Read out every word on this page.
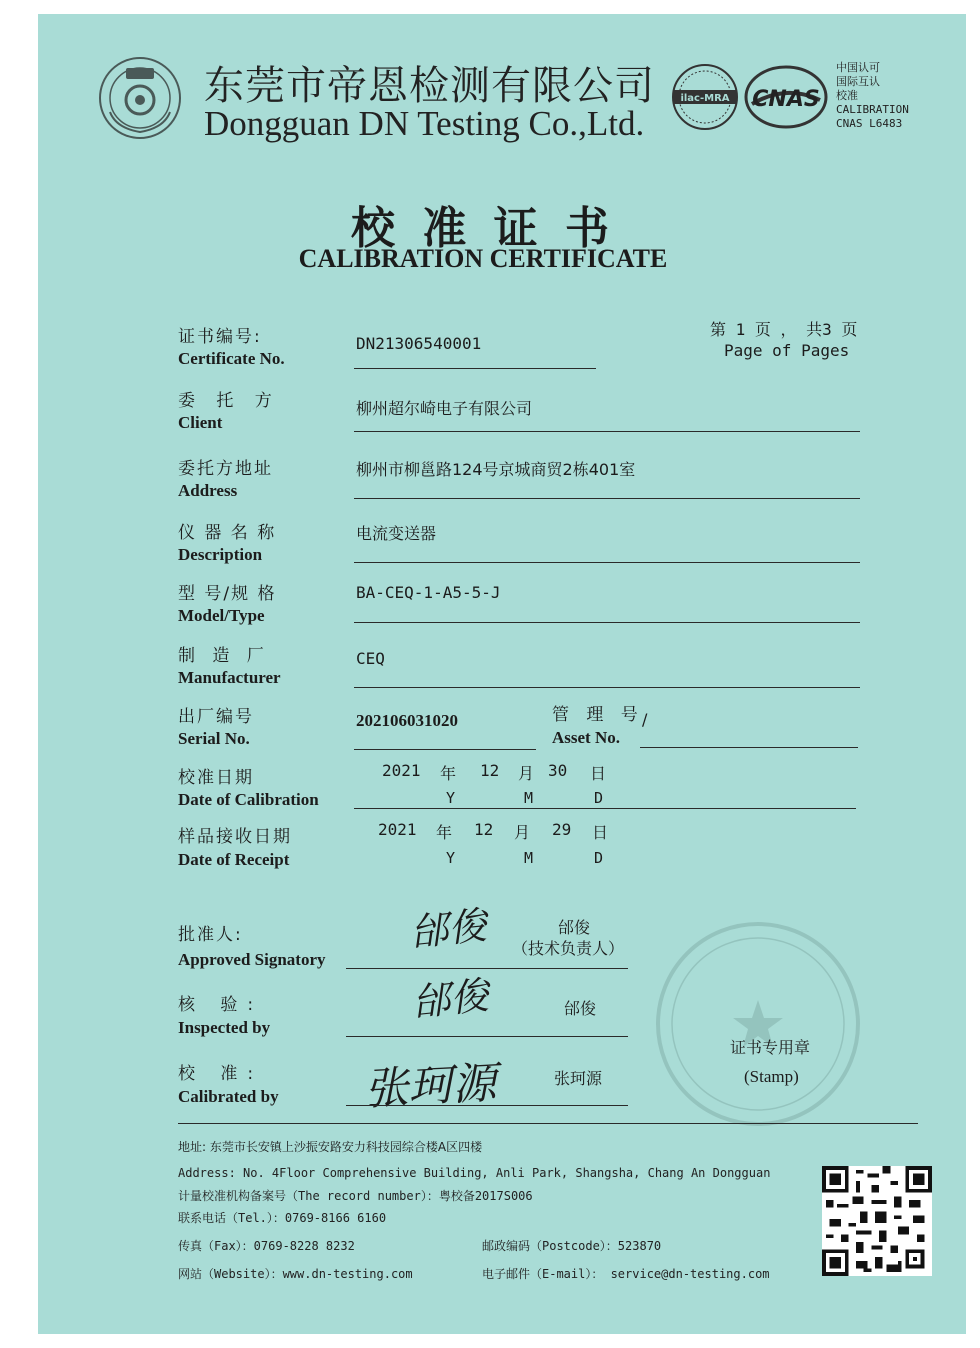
东莞市帝恩检测有限公司
Dongguan DN Testing Co.,Ltd.
ilac-MRA CNAS
中国认可
国际互认
校准
CALIBRATION
CNAS L6483
校 准 证 书
CALIBRATION CERTIFICATE
第 1 页 ， 共3 页
Page of Pages
证书编号:
Certificate No.
DN21306540001
委 托 方
Client
柳州超尔崎电子有限公司
委托方地址
Address
柳州市柳邕路124号京城商贸2栋401室
仪 器 名 称
Description
电流变送器
型 号/规 格
Model/Type
BA-CEQ-1-A5-5-J
制 造 厂
Manufacturer
CEQ
出厂编号
Serial No.
202106031020	管 理 号
Asset No.
/
校准日期
Date of Calibration
2021 年 12 月 30 日
Y	M	D
样品接收日期
Date of Receipt
2021 年 12 月 29 日
Y	M	D
批准人:
Approved Signatory
邰俊	邰俊
（技术负责人）
核 验:
Inspected by
邰俊	邰俊
校 准:
Calibrated by 张珂源	张珂源
证书专用章
(Stamp)
地址: 东莞市长安镇上沙振安路安力科技园综合楼A区四楼
Address: No. 4Floor Comprehensive Building, Anli Park, Shangsha, Chang An Dongguan
计量校准机构备案号（The record number）：粤校备2017S006
联系电话（Tel.）：0769-8166 6160
传真（Fax）：0769-8228 8232	邮政编码（Postcode）：523870
网站（Website）：www.dn-testing.com	电子邮件（E-mail）： service@dn-testing.com
